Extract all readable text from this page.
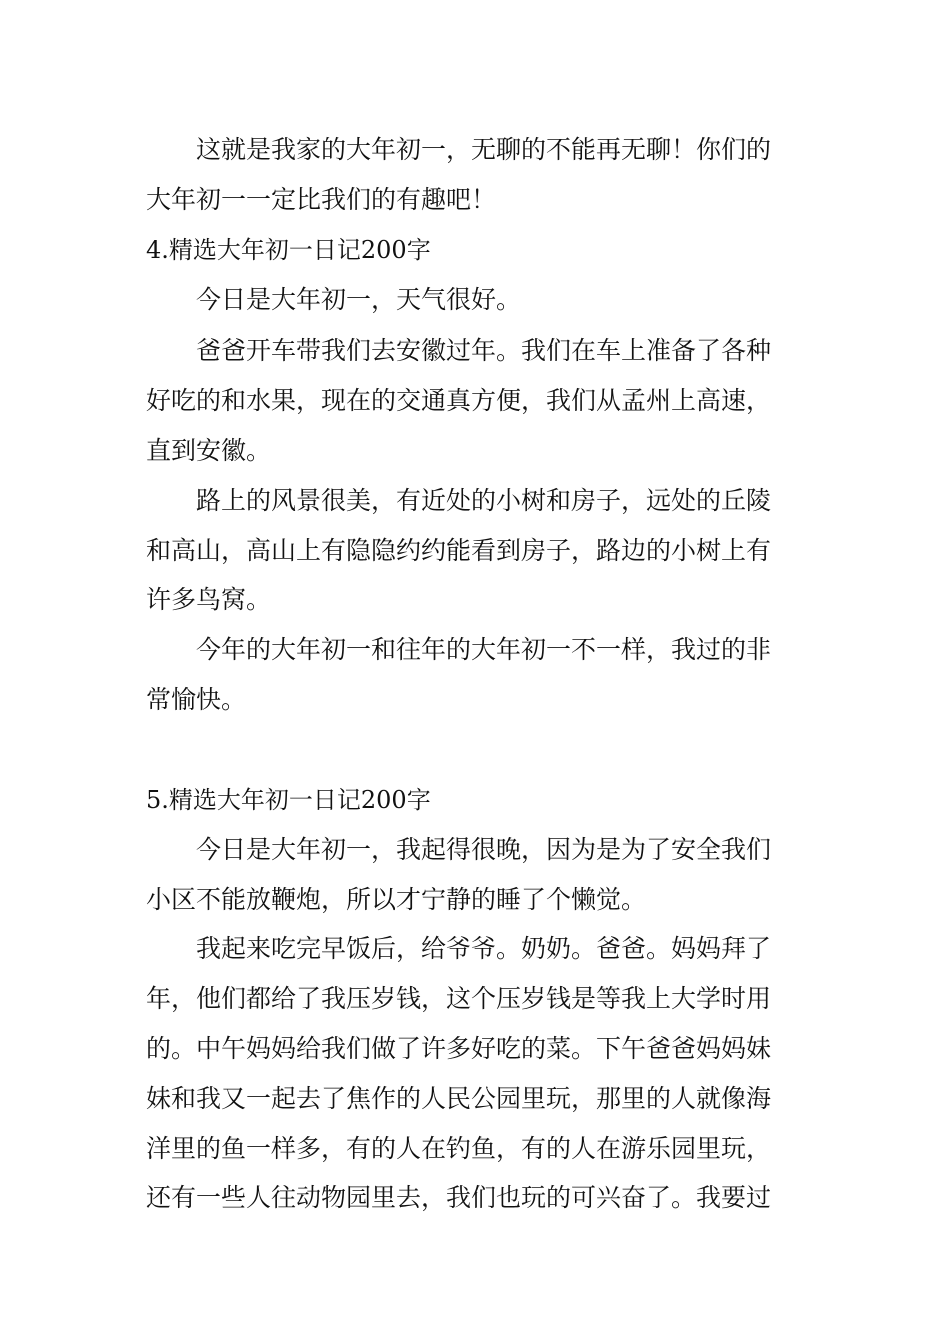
这就是我家的大年初一，无聊的不能再无聊！你们的
大年初一一定比我们的有趣吧！
4.精选大年初一日记200字
今日是大年初一，天气很好。
爸爸开车带我们去安徽过年。我们在车上准备了各种
好吃的和水果，现在的交通真方便，我们从孟州上高速，
直到安徽。
路上的风景很美，有近处的小树和房子，远处的丘陵
和高山，高山上有隐隐约约能看到房子，路边的小树上有
许多鸟窝。
今年的大年初一和往年的大年初一不一样，我过的非
常愉快。
5.精选大年初一日记200字
今日是大年初一，我起得很晚，因为是为了安全我们
小区不能放鞭炮，所以才宁静的睡了个懒觉。
我起来吃完早饭后，给爷爷。奶奶。爸爸。妈妈拜了
年，他们都给了我压岁钱，这个压岁钱是等我上大学时用
的。中午妈妈给我们做了许多好吃的菜。下午爸爸妈妈妹
妹和我又一起去了焦作的人民公园里玩，那里的人就像海
洋里的鱼一样多，有的人在钓鱼，有的人在游乐园里玩，
还有一些人往动物园里去，我们也玩的可兴奋了。我要过
